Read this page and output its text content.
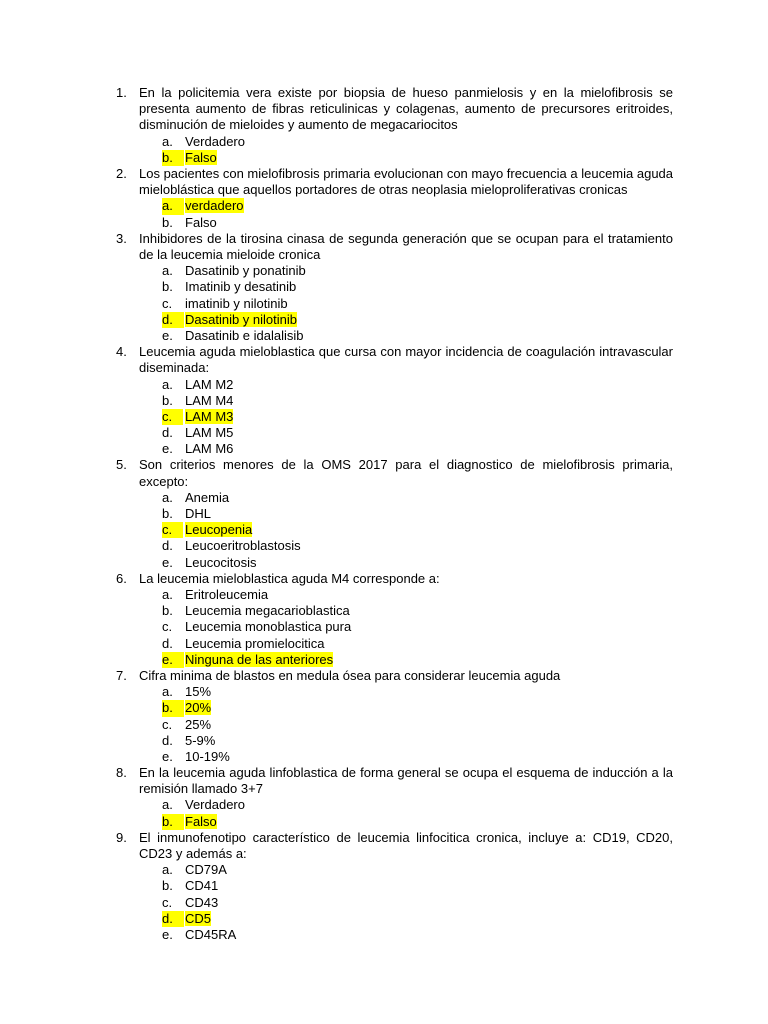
1. En la policitemia vera existe por biopsia de hueso panmielosis y en la mielofibrosis se presenta aumento de fibras reticulinicas y colagenas, aumento de precursores eritroides, disminución de mieloides y aumento de megacariocitos
a. Verdadero
b. Falso
2. Los pacientes con mielofibrosis primaria evolucionan con mayo frecuencia a leucemia aguda mieloblástica que aquellos portadores de otras neoplasia mieloproliferativas cronicas
a. verdadero
b. Falso
3. Inhibidores de la tirosina cinasa de segunda generación que se ocupan para el tratamiento de la leucemia mieloide cronica
a. Dasatinib y ponatinib
b. Imatinib y desatinib
c. imatinib y nilotinib
d. Dasatinib y nilotinib
e. Dasatinib e idalalisib
4. Leucemia aguda mieloblastica que cursa con mayor incidencia de coagulación intravascular diseminada:
a. LAM M2
b. LAM M4
c. LAM M3
d. LAM M5
e. LAM M6
5. Son criterios menores de la OMS 2017 para el diagnostico de mielofibrosis primaria, excepto:
a. Anemia
b. DHL
c. Leucopenia
d. Leucoeritroblastosis
e. Leucocitosis
6. La leucemia mieloblastica aguda M4 corresponde a:
a. Eritroleucemia
b. Leucemia megacarioblastica
c. Leucemia monoblastica pura
d. Leucemia promielocitica
e. Ninguna de las anteriores
7. Cifra minima de blastos en medula ósea para considerar leucemia aguda
a. 15%
b. 20%
c. 25%
d. 5-9%
e. 10-19%
8. En la leucemia aguda linfoblastica de forma general se ocupa el esquema de inducción a la remisión llamado 3+7
a. Verdadero
b. Falso
9. El inmunofenotipo característico de leucemia linfocitica cronica, incluye a: CD19, CD20, CD23 y además a:
a. CD79A
b. CD41
c. CD43
d. CD5
e. CD45RA
